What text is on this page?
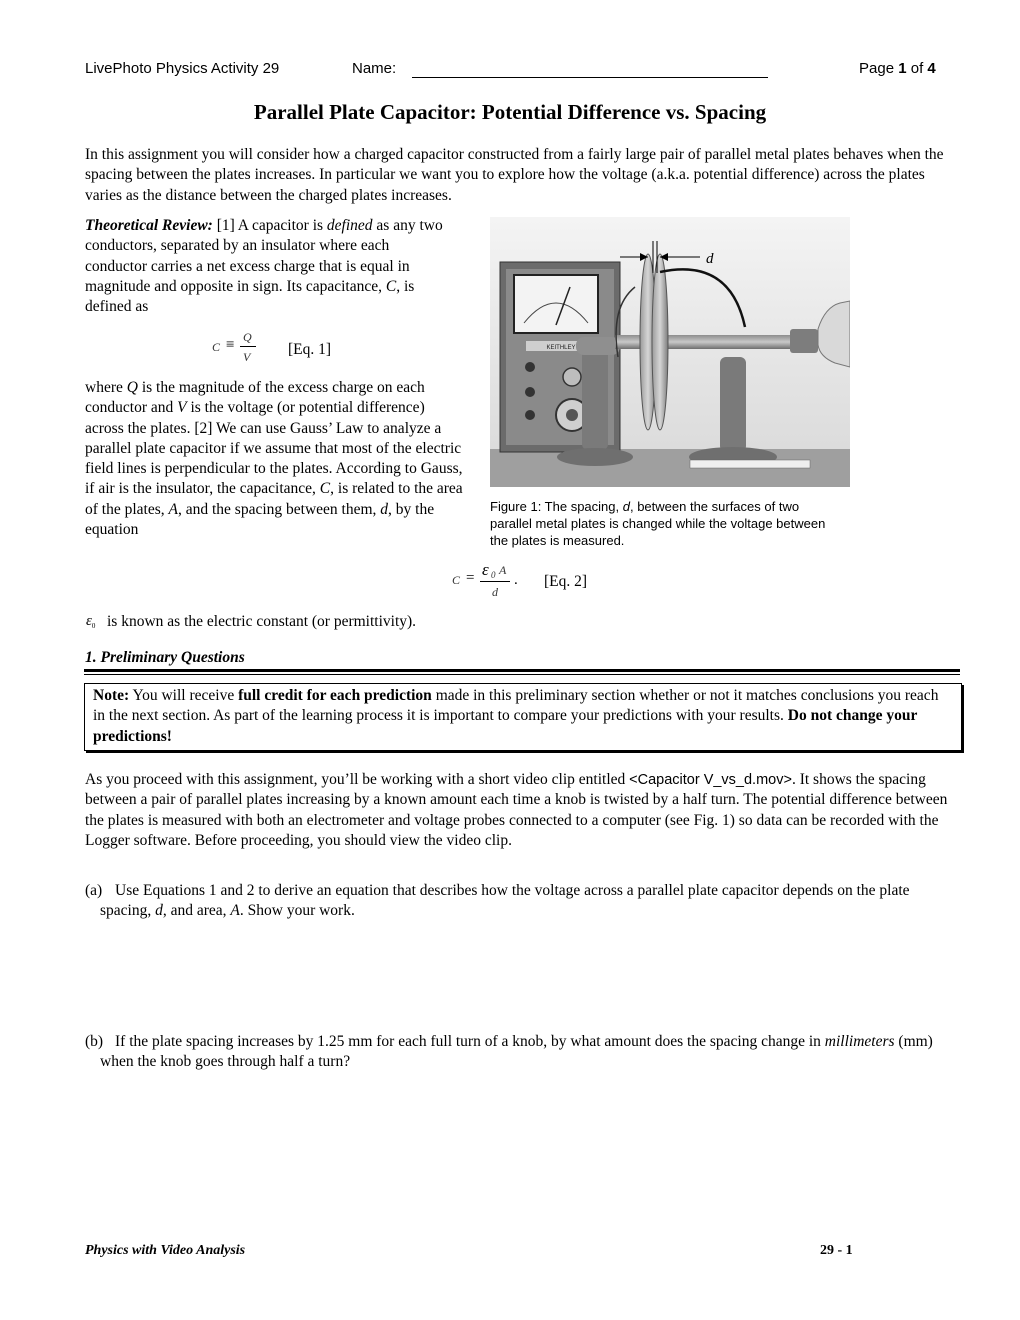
LivePhoto Physics Activity 29	Name:	Page 1 of 4
Parallel Plate Capacitor: Potential Difference vs. Spacing
In this assignment you will consider how a charged capacitor constructed from a fairly large pair of parallel metal plates behaves when the spacing between the plates increases. In particular we want you to explore how the voltage (a.k.a. potential difference) across the plates varies as the distance between the charged plates increases.
Theoretical Review: [1] A capacitor is defined as any two conductors, separated by an insulator where each conductor carries a net excess charge that is equal in magnitude and opposite in sign. Its capacitance, C, is defined as
C ≡ Q
V [Eq. 1]
where Q is the magnitude of the excess charge on each conductor and V is the voltage (or potential difference) across the plates. [2] We can use Gauss’ Law to analyze a parallel plate capacitor if we assume that most of the electric field lines is perpendicular to the plates. According to Gauss, if air is the insulator, the capacitance, C, is related to the area of the plates, A, and the spacing between them, d, by the equation
KEITHLEY
d
Figure 1: The spacing, d, between the surfaces of two parallel metal plates is changed while the voltage between the plates is measured.
C = ε 0 A
d
. [Eq. 2]
ε0 is known as the electric constant (or permittivity).
1. Preliminary Questions
Note: You will receive full credit for each prediction made in this preliminary section whether or not it matches conclusions you reach in the next section. As part of the learning process it is important to compare your predictions with your results. Do not change your predictions!
As you proceed with this assignment, you’ll be working with a short video clip entitled <Capacitor V_vs_d.mov>. It shows the spacing between a pair of parallel plates increasing by a known amount each time a knob is twisted by a half turn. The potential difference between the plates is measured with both an electrometer and voltage probes connected to a computer (see Fig. 1) so data can be recorded with the Logger software. Before proceeding, you should view the video clip.
(a) Use Equations 1 and 2 to derive an equation that describes how the voltage across a parallel plate capacitor depends on the plate spacing, d, and area, A. Show your work.
(b) If the plate spacing increases by 1.25 mm for each full turn of a knob, by what amount does the spacing change in millimeters (mm) when the knob goes through half a turn?
Physics with Video Analysis	29 - 1
